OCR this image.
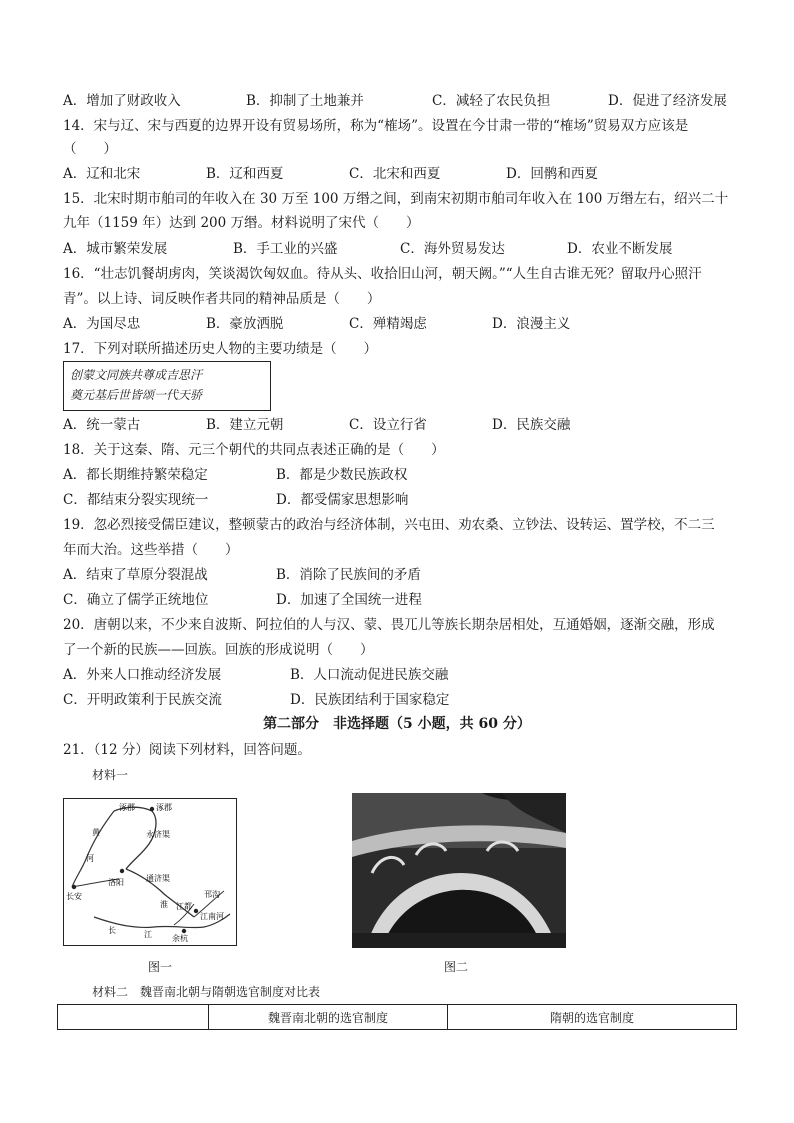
A．增加了财政收入	B．抑制了土地兼并	C．减轻了农民负担	D．促进了经济发展
14．宋与辽、宋与西夏的边界开设有贸易场所，称为“榷场”。设置在今甘肃一带的“榷场”贸易双方应该是
（　　）
A．辽和北宋	B．辽和西夏	C．北宋和西夏	D．回鹘和西夏
15．北宋时期市舶司的年收入在 30 万至 100 万缗之间，到南宋初期市舶司年收入在 100 万缗左右，绍兴二十
九年（1159 年）达到 200 万缗。材料说明了宋代（　　）
A．城市繁荣发展	B．手工业的兴盛	C．海外贸易发达	D．农业不断发展
16．“壮志饥餐胡虏肉，笑谈渴饮匈奴血。待从头、收拾旧山河，朝天阙。”“人生自古谁无死？留取丹心照汗
青”。以上诗、词反映作者共同的精神品质是（　　）
A．为国尽忠	B．豪放洒脱	C．殚精竭虑	D．浪漫主义
17．下列对联所描述历史人物的主要功绩是（　　）
创蒙文同族共尊成吉思汗
奠元基后世皆颂一代天骄
A．统一蒙古	B．建立元朝	C．设立行省	D．民族交融
18．关于这秦、隋、元三个朝代的共同点表述正确的是（　　）
A．都长期维持繁荣稳定	B．都是少数民族政权
C．都结束分裂实现统一	D．都受儒家思想影响
19．忽必烈接受儒臣建议，整顿蒙古的政治与经济体制，兴屯田、劝农桑、立钞法、设转运、置学校，不二三
年而大治。这些举措（　　）
A．结束了草原分裂混战	B．消除了民族间的矛盾
C．确立了儒学正统地位	D．加速了全国统一进程
20．唐朝以来，不少来自波斯、阿拉伯的人与汉、蒙、畏兀儿等族长期杂居相处，互通婚姻，逐渐交融，形成
了一个新的民族——回族。回族的形成说明（　　）
A．外来人口推动经济发展	B．人口流动促进民族交融
C．开明政策利于民族交流	D．民族团结利于国家稳定
第二部分　非选择题（5 小题，共 60 分）
21．（12 分）阅读下列材料，回答问题。
材料一
涿郡	涿郡
永济渠
黄
河
通济渠
长安
洛阳
邗沟
淮 江都
江南河
余杭
长	江
图一	图二
材料二　魏晋南北朝与隋朝选官制度对比表
	魏晋南北朝的选官制度	隋朝的选官制度
